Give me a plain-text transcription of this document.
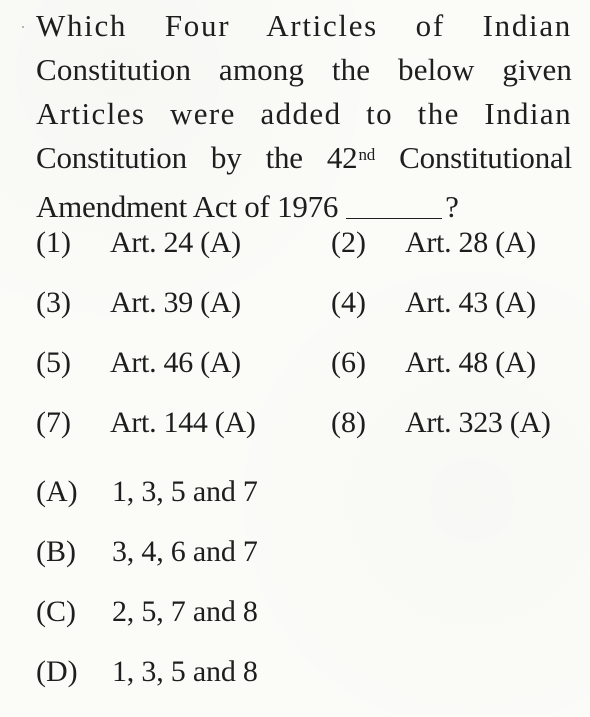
Which Four Articles of Indian
Constitution among the below given
Articles were added to the Indian
Constitution by the 42nd Constitutional
Amendment Act of 1976	?
(1) Art. 24 (A)	(2) Art. 28 (A)
(3) Art. 39 (A)	(4) Art. 43 (A)
(5) Art. 46 (A)	(6) Art. 48 (A)
(7) Art. 144 (A)	(8) Art. 323 (A)
(A) 1, 3, 5 and 7
(B) 3, 4, 6 and 7
(C) 2, 5, 7 and 8
(D) 1, 3, 5 and 8
